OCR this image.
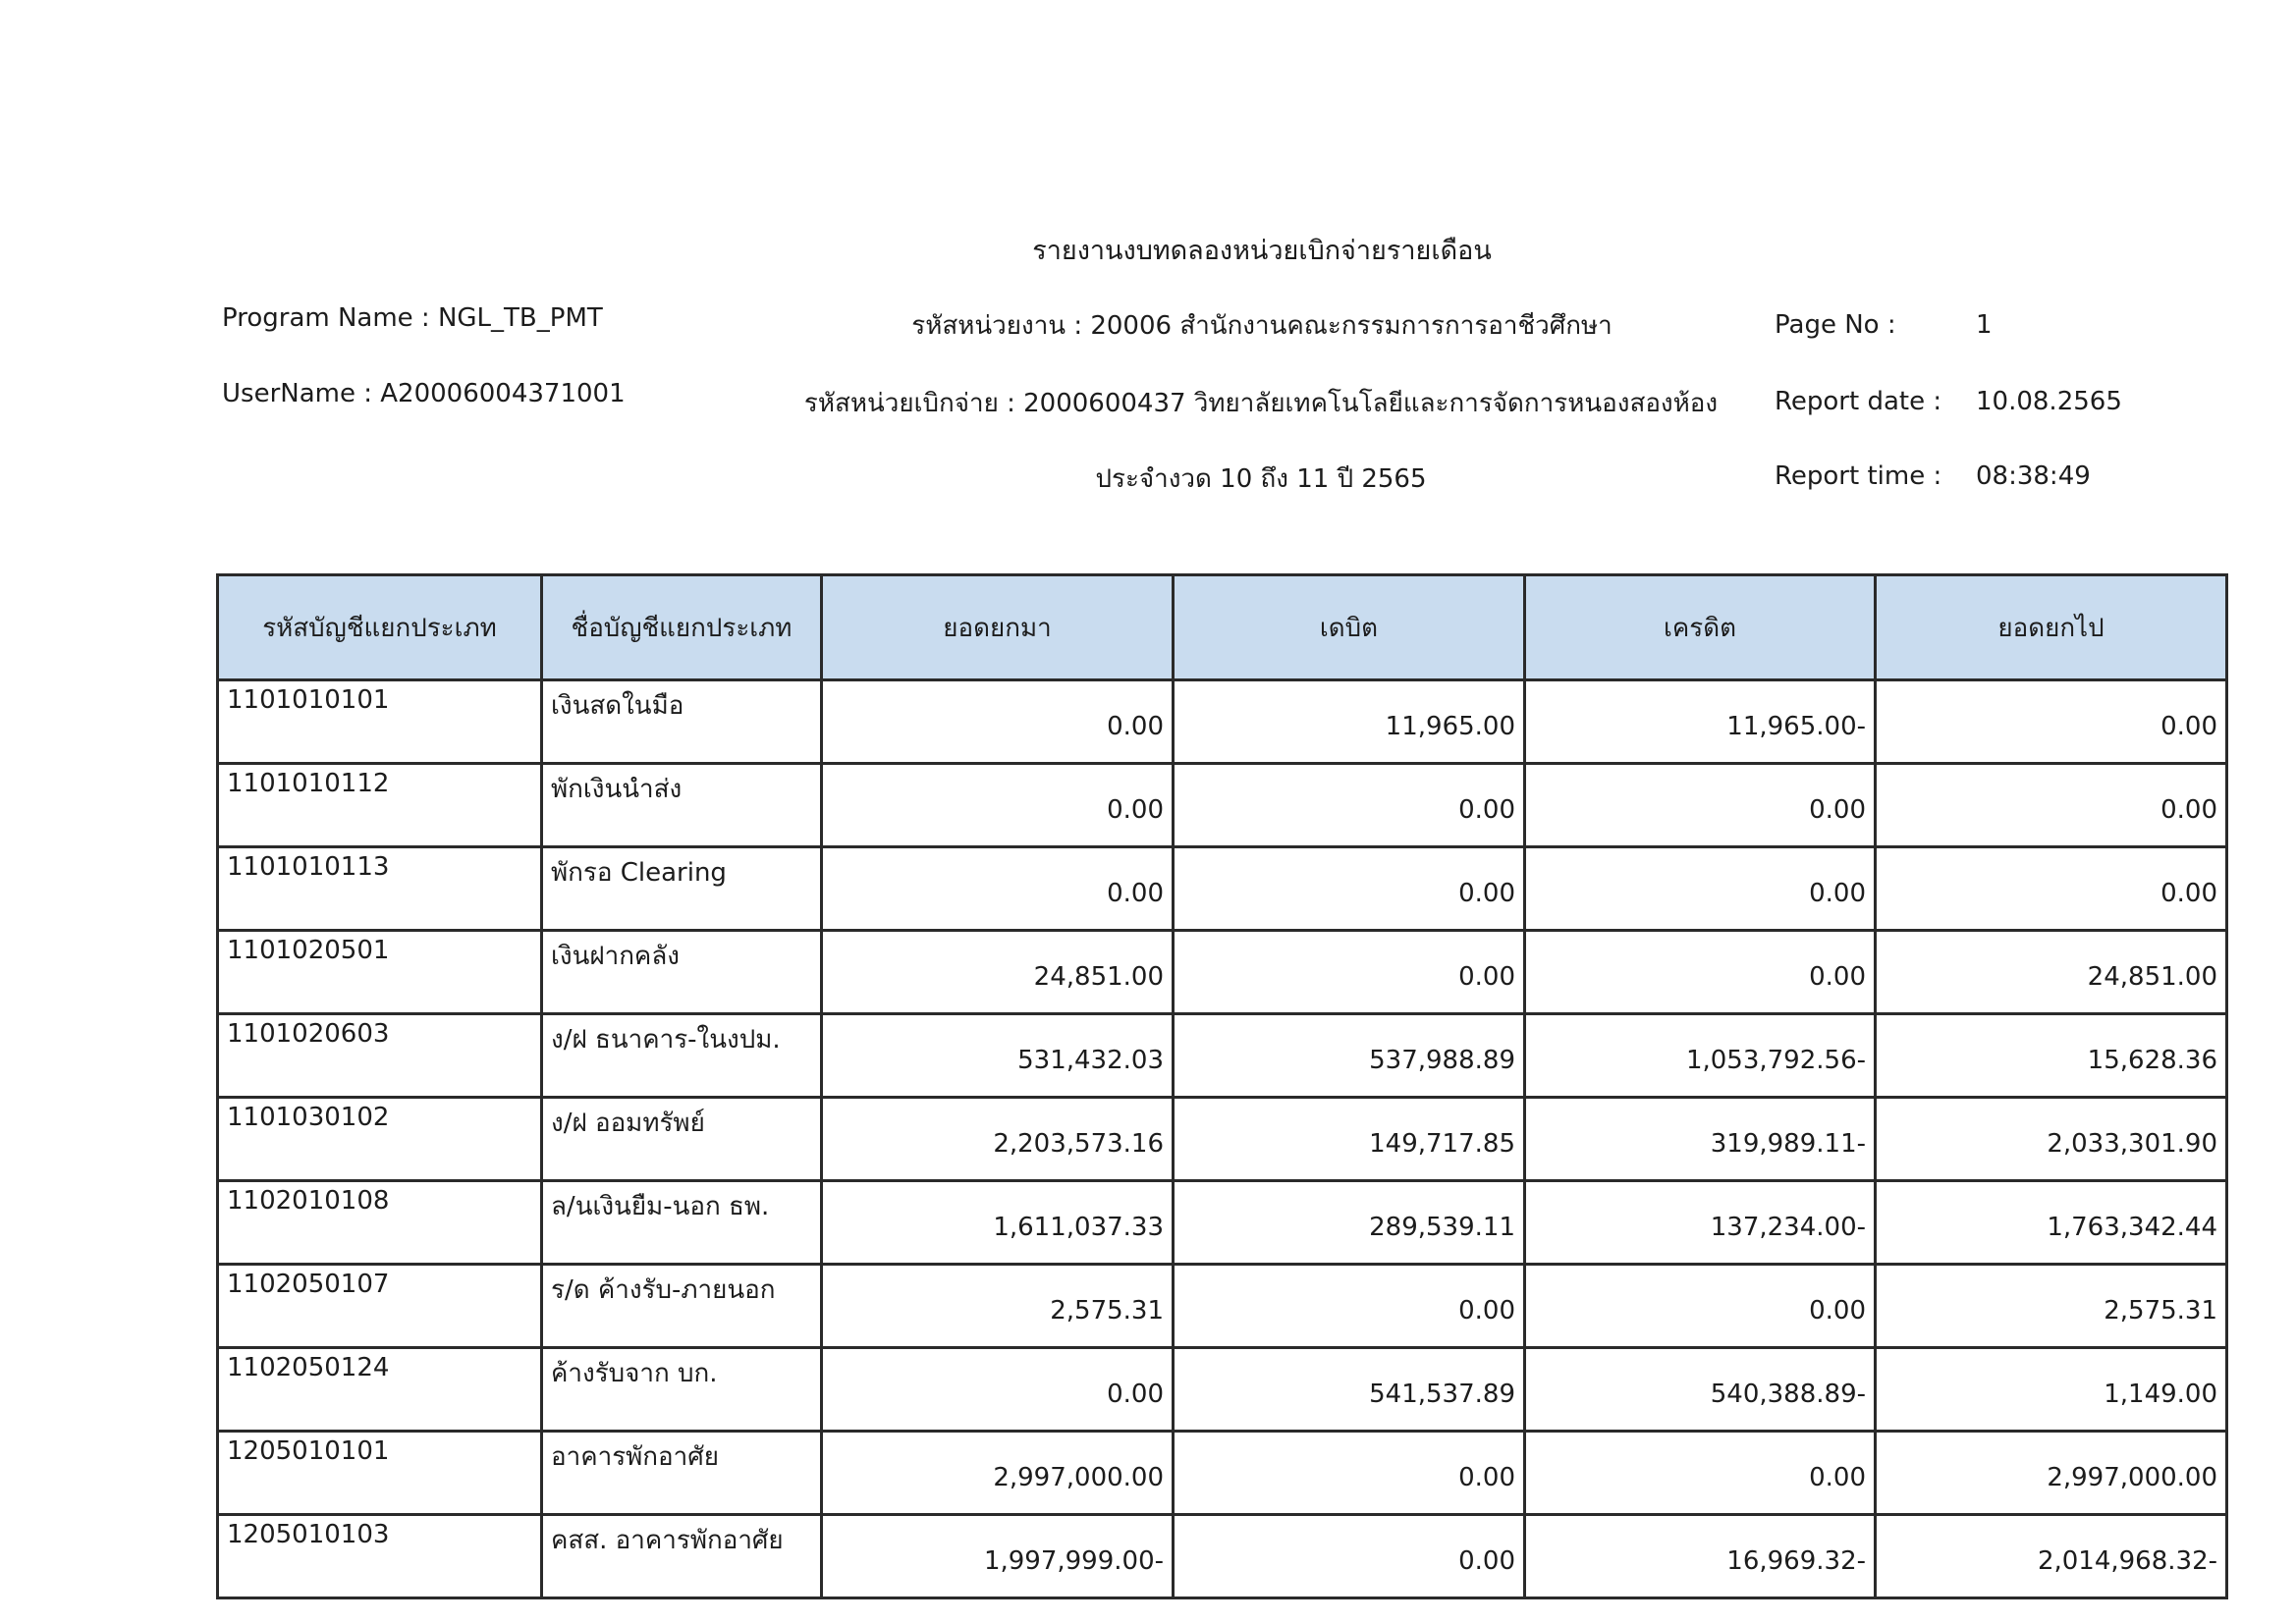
รายงานงบทดลองหน่วยเบิกจ่ายรายเดือน
Program Name : NGL_TB_PMT
UserName : A20006004371001
รหัสหน่วยงาน : 20006 สำนักงานคณะกรรมการการอาชีวศึกษา
รหัสหน่วยเบิกจ่าย : 2000600437 วิทยาลัยเทคโนโลยีและการจัดการหนองสองห้อง
ประจำงวด 10 ถึง 11 ปี 2565
Page No :	1
Report date : 10.08.2565
Report time : 08:38:49
รหัสบัญชีแยกประเภท	ชื่อบัญชีแยกประเภท	ยอดยกมา	เดบิต	เครดิต	ยอดยกไป
1101010101	เงินสดในมือ	0.00	11,965.00	11,965.00-	0.00
1101010112	พักเงินนำส่ง	0.00	0.00	0.00	0.00
1101010113	พักรอ Clearing	0.00	0.00	0.00	0.00
1101020501	เงินฝากคลัง	24,851.00	0.00	0.00	24,851.00
1101020603	ง/ฝ ธนาคาร-ในงปม.	531,432.03	537,988.89	1,053,792.56-	15,628.36
1101030102	ง/ฝ ออมทรัพย์	2,203,573.16	149,717.85	319,989.11-	2,033,301.90
1102010108	ล/นเงินยืม-นอก ธพ.	1,611,037.33	289,539.11	137,234.00-	1,763,342.44
1102050107	ร/ด ค้างรับ-ภายนอก	2,575.31	0.00	0.00	2,575.31
1102050124	ค้างรับจาก บก.	0.00	541,537.89	540,388.89-	1,149.00
1205010101	อาคารพักอาศัย	2,997,000.00	0.00	0.00	2,997,000.00
1205010103	คสส. อาคารพักอาศัย	1,997,999.00-	0.00	16,969.32-	2,014,968.32-
